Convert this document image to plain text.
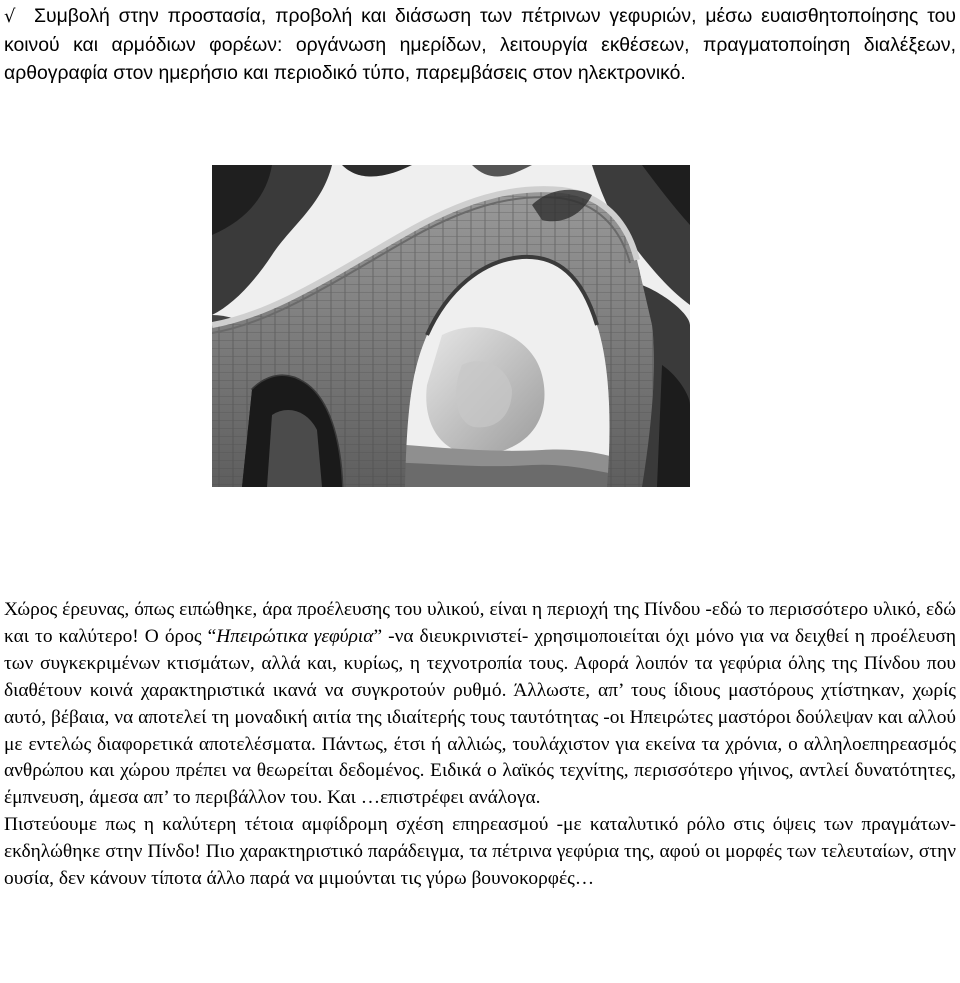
√ Συμβολή στην προστασία, προβολή και διάσωση των πέτρινων γεφυριών, μέσω ευαισθητοποίησης του κοινού και αρμόδιων φορέων: οργάνωση ημερίδων, λειτουργία εκθέσεων, πραγματοποίηση διαλέξεων, αρθογραφία στον ημερήσιο και περιοδικό τύπο, παρεμβάσεις στον ηλεκτρονικό.

Χώρος έρευνας, όπως ειπώθηκε, άρα προέλευσης του υλικού, είναι η περιοχή της Πίνδου -εδώ το περισσότερο υλικό, εδώ και το καλύτερο! Ο όρος “Ηπειρώτικα γεφύρια” -να διευκρινιστεί- χρησιμοποιείται όχι μόνο για να δειχθεί η προέλευση των συγκεκριμένων κτισμάτων, αλλά και, κυρίως, η τεχνοτροπία τους. Αφορά λοιπόν τα γεφύρια όλης της Πίνδου που διαθέτουν κοινά χαρακτηριστικά ικανά να συγκροτούν ρυθμό. Άλλωστε, απ’ τους ίδιους μαστόρους χτίστηκαν, χωρίς αυτό, βέβαια, να αποτελεί τη μοναδική αιτία της ιδιαίτερής τους ταυτότητας -οι Ηπειρώτες μαστόροι δούλεψαν και αλλού με εντελώς διαφορετικά αποτελέσματα. Πάντως, έτσι ή αλλιώς, τουλάχιστον για εκείνα τα χρόνια, ο αλληλοεπηρεασμός ανθρώπου και χώρου πρέπει να θεωρείται δεδομένος. Ειδικά ο λαϊκός τεχνίτης, περισσότερο γήινος, αντλεί δυνατότητες, έμπνευση, άμεσα απ’ το περιβάλλον του. Και …επιστρέφει ανάλογα.

Πιστεύουμε πως η καλύτερη τέτοια αμφίδρομη σχέση επηρεασμού -με καταλυτικό ρόλο στις όψεις των πραγμάτων- εκδηλώθηκε στην Πίνδο! Πιο χαρακτηριστικό παράδειγμα, τα πέτρινα γεφύρια της, αφού οι μορφές των τελευταίων, στην ουσία, δεν κάνουν τίποτα άλλο παρά να μιμούνται τις γύρω βουνοκορφές…
